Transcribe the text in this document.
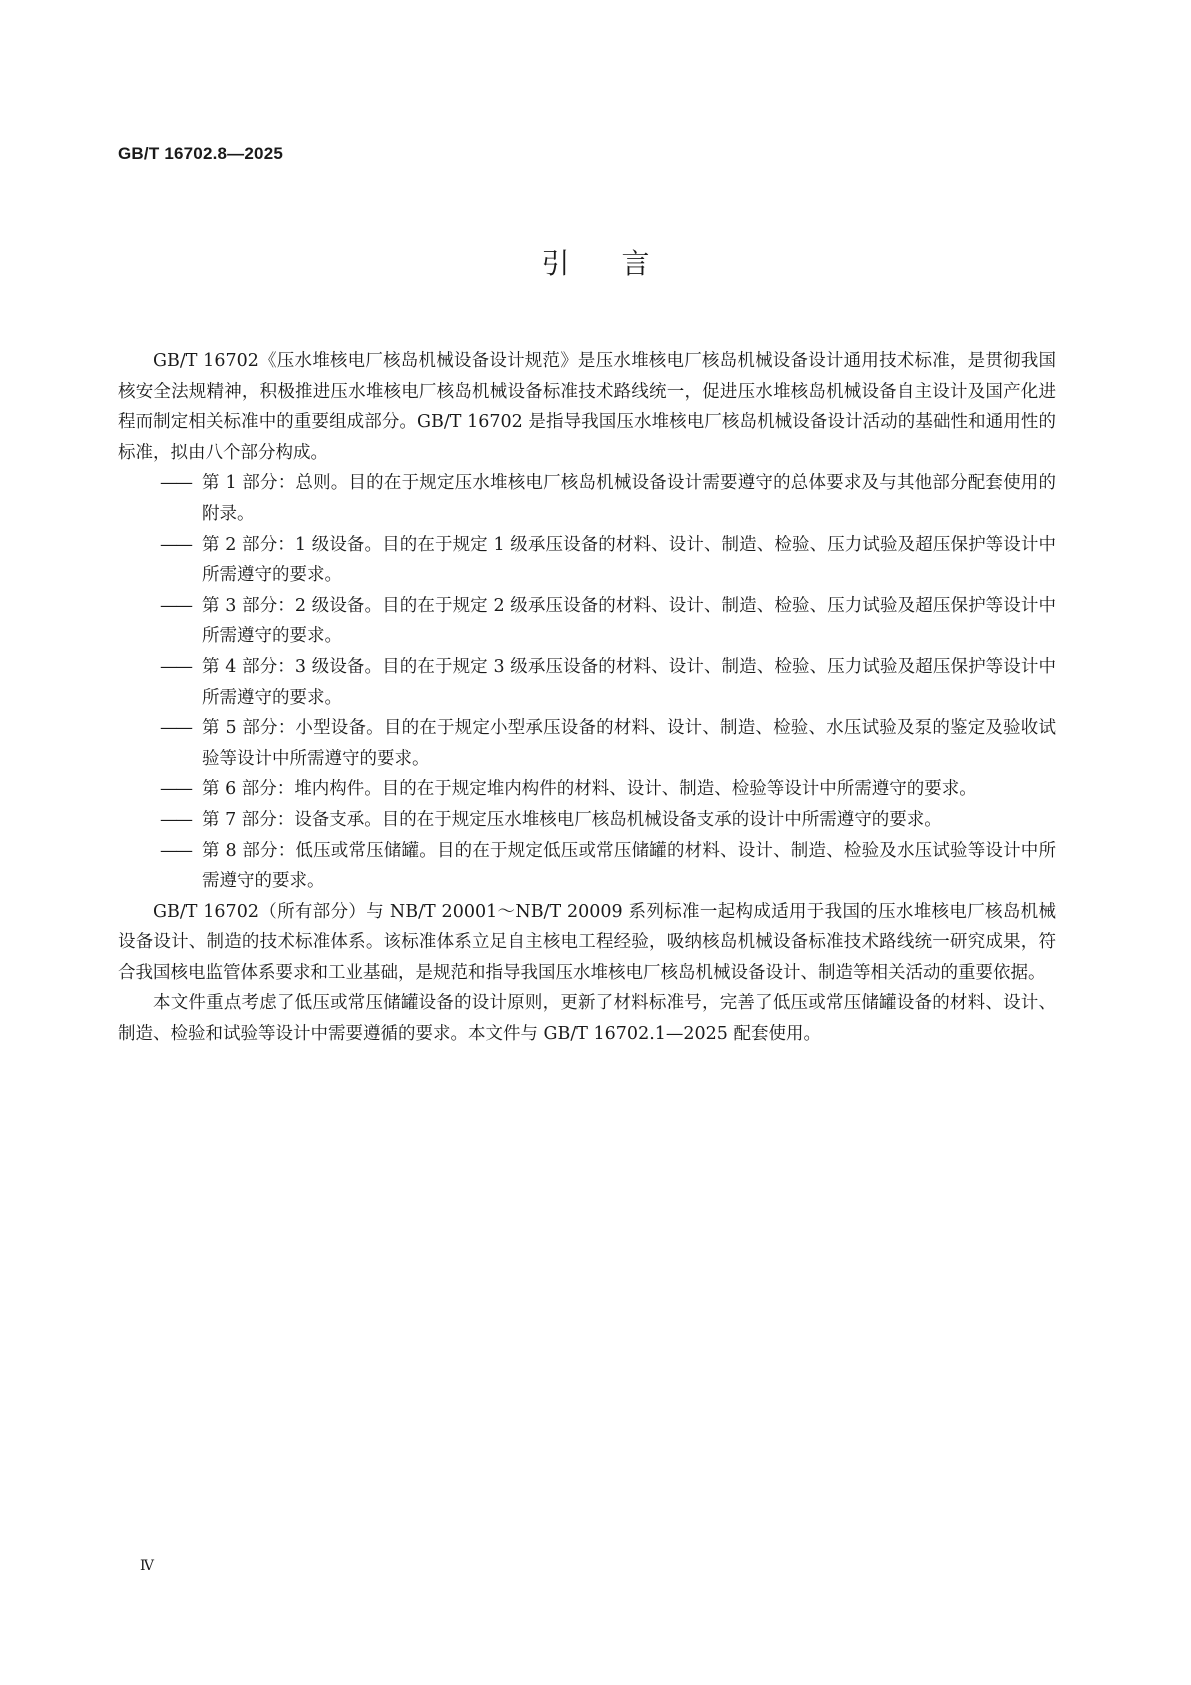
GB/T 16702.8—2025
引言

GB/T 16702《压水堆核电厂核岛机械设备设计规范》是压水堆核电厂核岛机械设备设计通用技术标准，是贯彻我国核安全法规精神，积极推进压水堆核电厂核岛机械设备标准技术路线统一，促进压水堆核岛机械设备自主设计及国产化进程而制定相关标准中的重要组成部分。GB/T 16702 是指导我国压水堆核电厂核岛机械设备设计活动的基础性和通用性的标准，拟由八个部分构成。

—— 第 1 部分：总则。目的在于规定压水堆核电厂核岛机械设备设计需要遵守的总体要求及与其他部分配套使用的附录。
—— 第 2 部分：1 级设备。目的在于规定 1 级承压设备的材料、设计、制造、检验、压力试验及超压保护等设计中所需遵守的要求。
—— 第 3 部分：2 级设备。目的在于规定 2 级承压设备的材料、设计、制造、检验、压力试验及超压保护等设计中所需遵守的要求。
—— 第 4 部分：3 级设备。目的在于规定 3 级承压设备的材料、设计、制造、检验、压力试验及超压保护等设计中所需遵守的要求。
—— 第 5 部分：小型设备。目的在于规定小型承压设备的材料、设计、制造、检验、水压试验及泵的鉴定及验收试验等设计中所需遵守的要求。
—— 第 6 部分：堆内构件。目的在于规定堆内构件的材料、设计、制造、检验等设计中所需遵守的要求。
—— 第 7 部分：设备支承。目的在于规定压水堆核电厂核岛机械设备支承的设计中所需遵守的要求。
—— 第 8 部分：低压或常压储罐。目的在于规定低压或常压储罐的材料、设计、制造、检验及水压试验等设计中所需遵守的要求。

GB/T 16702（所有部分）与 NB/T 20001～NB/T 20009 系列标准一起构成适用于我国的压水堆核电厂核岛机械设备设计、制造的技术标准体系。该标准体系立足自主核电工程经验，吸纳核岛机械设备标准技术路线统一研究成果，符合我国核电监管体系要求和工业基础，是规范和指导我国压水堆核电厂核岛机械设备设计、制造等相关活动的重要依据。

本文件重点考虑了低压或常压储罐设备的设计原则，更新了材料标准号，完善了低压或常压储罐设备的材料、设计、制造、检验和试验等设计中需要遵循的要求。本文件与 GB/T 16702.1—2025 配套使用。

Ⅳ
